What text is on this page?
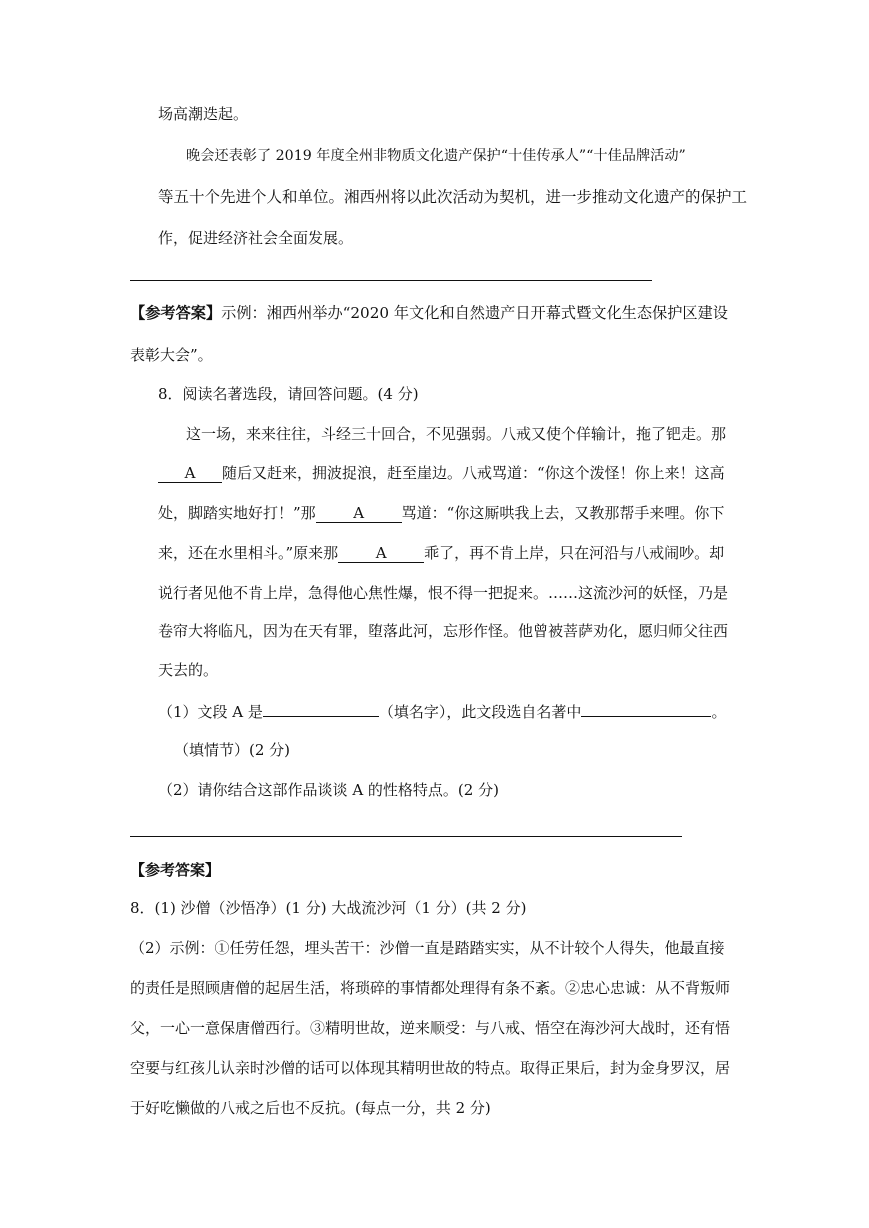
场高潮迭起。
晚会还表彰了 2019 年度全州非物质文化遗产保护“十佳传承人”“十佳品牌活动”
等五十个先进个人和单位。湘西州将以此次活动为契机，进一步推动文化遗产的保护工
作，促进经济社会全面发展。
【参考答案】示例：湘西州举办“2020 年文化和自然遗产日开幕式暨文化生态保护区建设
表彰大会”。
8．阅读名著选段，请回答问题。(4 分)
这一场，来来往往，斗经三十回合，不见强弱。八戒又使个佯输计，拖了钯走。那
A 随后又赶来，拥波捉浪，赶至崖边。八戒骂道：“你这个泼怪！你上来！这高
处，脚踏实地好打！”那	A	骂道：“你这厮哄我上去，又教那帮手来哩。你下
来，还在水里相斗。”原来那	A	乖了，再不肯上岸，只在河沿与八戒闹吵。却
说行者见他不肯上岸，急得他心焦性爆，恨不得一把捉来。……这流沙河的妖怪，乃是
卷帘大将临凡，因为在天有罪，堕落此河，忘形作怪。他曾被菩萨劝化，愿归师父往西
天去的。
（1）文段 A 是	（填名字），此文段选自名著中	。
（填情节）(2 分)
（2）请你结合这部作品谈谈 A 的性格特点。(2 分)
【参考答案】
8．(1) 沙僧（沙悟净）(1 分) 大战流沙河（1 分）(共 2 分)
（2）示例：①任劳任怨，埋头苦干：沙僧一直是踏踏实实，从不计较个人得失，他最直接
的责任是照顾唐僧的起居生活，将琐碎的事情都处理得有条不紊。②忠心忠诚：从不背叛师
父，一心一意保唐僧西行。③精明世故，逆来顺受：与八戒、悟空在海沙河大战时，还有悟
空要与红孩儿认亲时沙僧的话可以体现其精明世故的特点。取得正果后，封为金身罗汉，居
于好吃懒做的八戒之后也不反抗。(每点一分，共 2 分)
